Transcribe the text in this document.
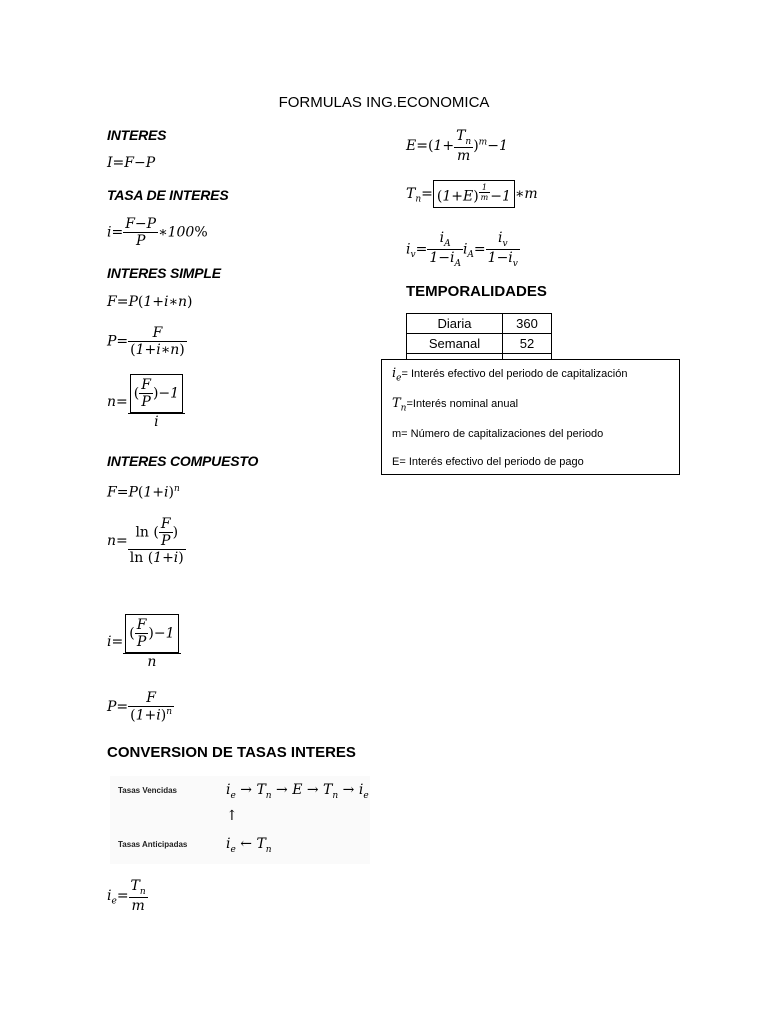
FORMULAS ING.ECONOMICA
INTERES
I=F−P
TASA DE INTERES
$i= \frac{F-P}{P}$ ∗100%
INTERES SIMPLE
F=P(1+i∗n)
$P= \frac{F}{(1+i∗n)}$
$n= \frac{( \frac{F}{P} )-1}{i}$
INTERES COMPUESTO
$F=P(1+i)^n$
$n= \frac{\ln ( \frac{F}{P} )}{\ln (1+i)}$
$i= \frac{( \frac{F}{P} )-1}{n}$
$P= \frac{F}{(1+i)^n}$
CONVERSION DE TASAS INTERES
Tasas Vencidas	$i_e \to T_n \to E \to T_n \to i_e$
↑
Tasas Anticipadas	$i_e$ ← $T_n$
$i_e= \frac{T_n}{m}$
$E=(1+ \frac{T_n}{m} )^m-1$
$T_n= (1+E)$ $^{\frac{1}{m}}$ −1 ∗m
$i_v= \frac{i_A}{1-i_A} i_A= \frac{i_v}{1-i_v}$
TEMPORALIDADES
Diaria	360
Semanal	52

$i_e=$ Interés efectivo del periodo de capitalización
$T_n=Interés$ nominal anual
m= Número de capitalizaciones del periodo
E= Interés efectivo del periodo de pago
